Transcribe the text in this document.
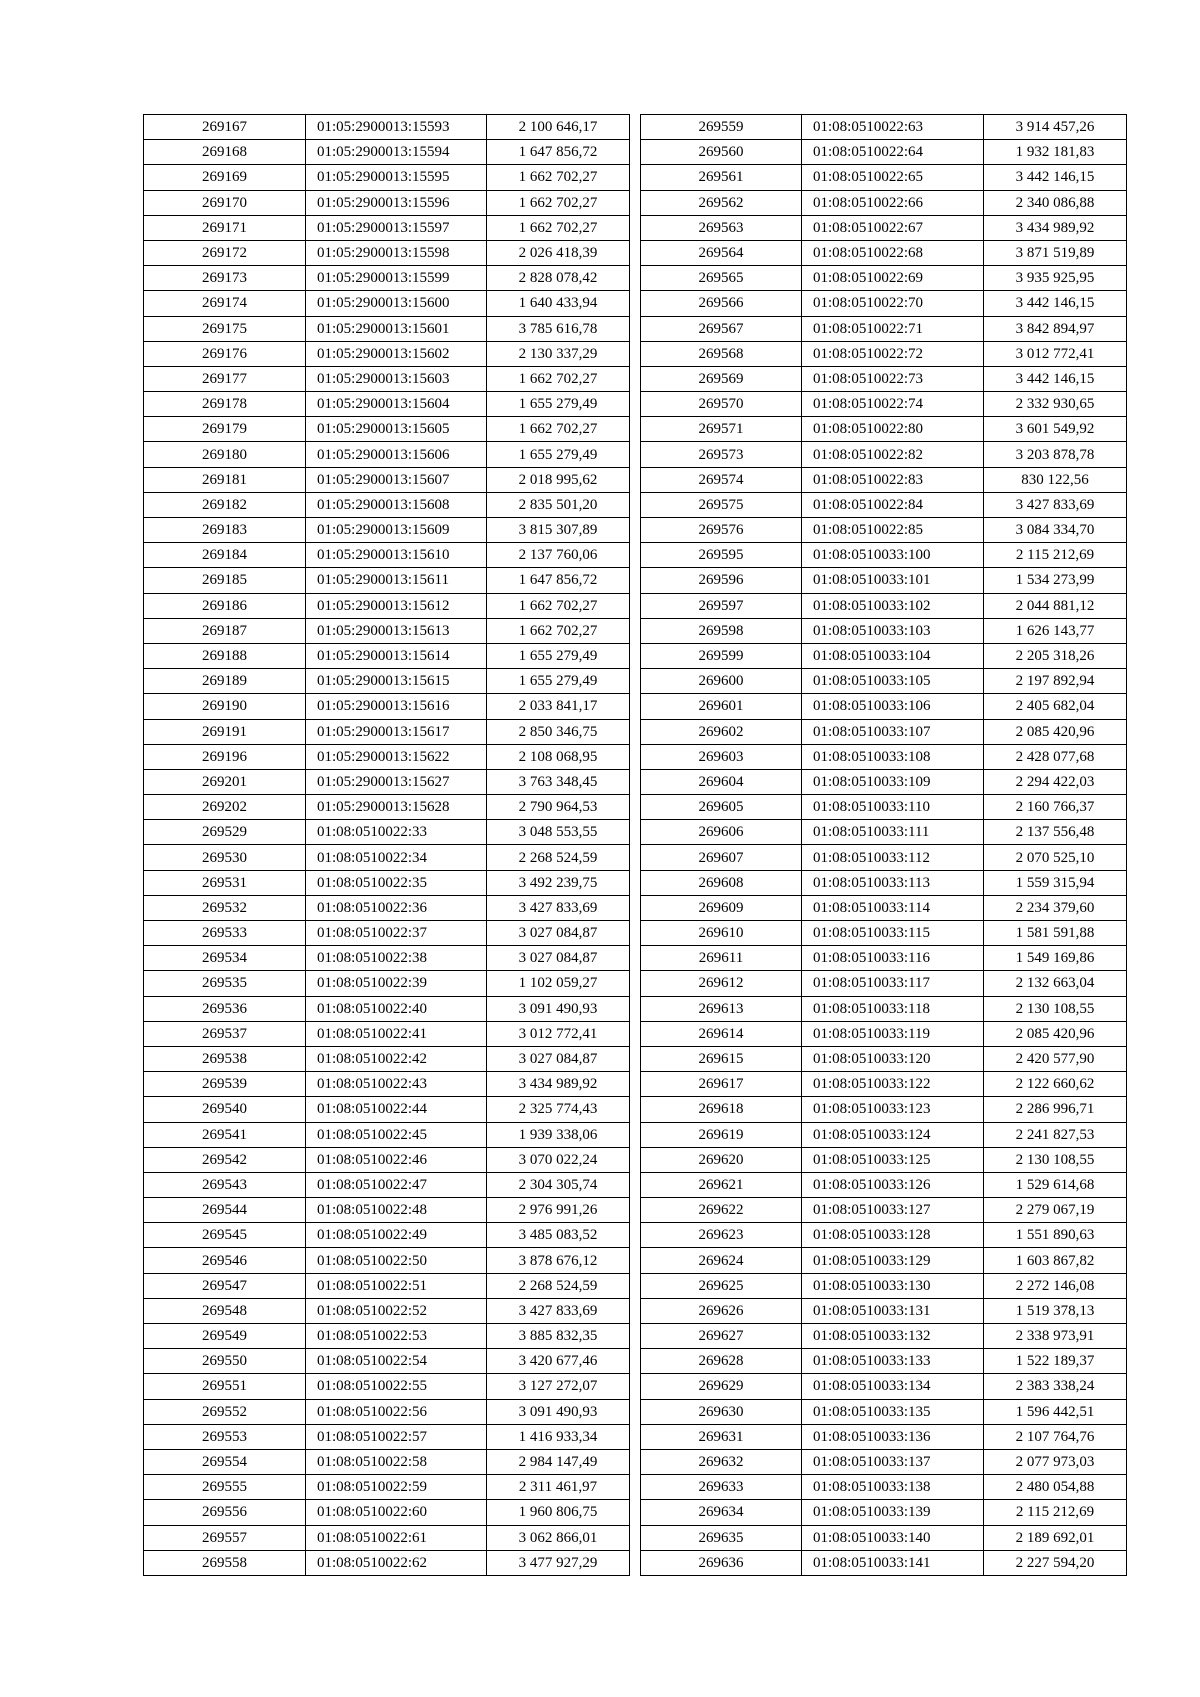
269167	01:05:2900013:15593	2 100 646,17
269168	01:05:2900013:15594	1 647 856,72
269169	01:05:2900013:15595	1 662 702,27
269170	01:05:2900013:15596	1 662 702,27
269171	01:05:2900013:15597	1 662 702,27
269172	01:05:2900013:15598	2 026 418,39
269173	01:05:2900013:15599	2 828 078,42
269174	01:05:2900013:15600	1 640 433,94
269175	01:05:2900013:15601	3 785 616,78
269176	01:05:2900013:15602	2 130 337,29
269177	01:05:2900013:15603	1 662 702,27
269178	01:05:2900013:15604	1 655 279,49
269179	01:05:2900013:15605	1 662 702,27
269180	01:05:2900013:15606	1 655 279,49
269181	01:05:2900013:15607	2 018 995,62
269182	01:05:2900013:15608	2 835 501,20
269183	01:05:2900013:15609	3 815 307,89
269184	01:05:2900013:15610	2 137 760,06
269185	01:05:2900013:15611	1 647 856,72
269186	01:05:2900013:15612	1 662 702,27
269187	01:05:2900013:15613	1 662 702,27
269188	01:05:2900013:15614	1 655 279,49
269189	01:05:2900013:15615	1 655 279,49
269190	01:05:2900013:15616	2 033 841,17
269191	01:05:2900013:15617	2 850 346,75
269196	01:05:2900013:15622	2 108 068,95
269201	01:05:2900013:15627	3 763 348,45
269202	01:05:2900013:15628	2 790 964,53
269529	01:08:0510022:33	3 048 553,55
269530	01:08:0510022:34	2 268 524,59
269531	01:08:0510022:35	3 492 239,75
269532	01:08:0510022:36	3 427 833,69
269533	01:08:0510022:37	3 027 084,87
269534	01:08:0510022:38	3 027 084,87
269535	01:08:0510022:39	1 102 059,27
269536	01:08:0510022:40	3 091 490,93
269537	01:08:0510022:41	3 012 772,41
269538	01:08:0510022:42	3 027 084,87
269539	01:08:0510022:43	3 434 989,92
269540	01:08:0510022:44	2 325 774,43
269541	01:08:0510022:45	1 939 338,06
269542	01:08:0510022:46	3 070 022,24
269543	01:08:0510022:47	2 304 305,74
269544	01:08:0510022:48	2 976 991,26
269545	01:08:0510022:49	3 485 083,52
269546	01:08:0510022:50	3 878 676,12
269547	01:08:0510022:51	2 268 524,59
269548	01:08:0510022:52	3 427 833,69
269549	01:08:0510022:53	3 885 832,35
269550	01:08:0510022:54	3 420 677,46
269551	01:08:0510022:55	3 127 272,07
269552	01:08:0510022:56	3 091 490,93
269553	01:08:0510022:57	1 416 933,34
269554	01:08:0510022:58	2 984 147,49
269555	01:08:0510022:59	2 311 461,97
269556	01:08:0510022:60	1 960 806,75
269557	01:08:0510022:61	3 062 866,01
269558	01:08:0510022:62	3 477 927,29
269559	01:08:0510022:63	3 914 457,26
269560	01:08:0510022:64	1 932 181,83
269561	01:08:0510022:65	3 442 146,15
269562	01:08:0510022:66	2 340 086,88
269563	01:08:0510022:67	3 434 989,92
269564	01:08:0510022:68	3 871 519,89
269565	01:08:0510022:69	3 935 925,95
269566	01:08:0510022:70	3 442 146,15
269567	01:08:0510022:71	3 842 894,97
269568	01:08:0510022:72	3 012 772,41
269569	01:08:0510022:73	3 442 146,15
269570	01:08:0510022:74	2 332 930,65
269571	01:08:0510022:80	3 601 549,92
269573	01:08:0510022:82	3 203 878,78
269574	01:08:0510022:83	830 122,56
269575	01:08:0510022:84	3 427 833,69
269576	01:08:0510022:85	3 084 334,70
269595	01:08:0510033:100	2 115 212,69
269596	01:08:0510033:101	1 534 273,99
269597	01:08:0510033:102	2 044 881,12
269598	01:08:0510033:103	1 626 143,77
269599	01:08:0510033:104	2 205 318,26
269600	01:08:0510033:105	2 197 892,94
269601	01:08:0510033:106	2 405 682,04
269602	01:08:0510033:107	2 085 420,96
269603	01:08:0510033:108	2 428 077,68
269604	01:08:0510033:109	2 294 422,03
269605	01:08:0510033:110	2 160 766,37
269606	01:08:0510033:111	2 137 556,48
269607	01:08:0510033:112	2 070 525,10
269608	01:08:0510033:113	1 559 315,94
269609	01:08:0510033:114	2 234 379,60
269610	01:08:0510033:115	1 581 591,88
269611	01:08:0510033:116	1 549 169,86
269612	01:08:0510033:117	2 132 663,04
269613	01:08:0510033:118	2 130 108,55
269614	01:08:0510033:119	2 085 420,96
269615	01:08:0510033:120	2 420 577,90
269617	01:08:0510033:122	2 122 660,62
269618	01:08:0510033:123	2 286 996,71
269619	01:08:0510033:124	2 241 827,53
269620	01:08:0510033:125	2 130 108,55
269621	01:08:0510033:126	1 529 614,68
269622	01:08:0510033:127	2 279 067,19
269623	01:08:0510033:128	1 551 890,63
269624	01:08:0510033:129	1 603 867,82
269625	01:08:0510033:130	2 272 146,08
269626	01:08:0510033:131	1 519 378,13
269627	01:08:0510033:132	2 338 973,91
269628	01:08:0510033:133	1 522 189,37
269629	01:08:0510033:134	2 383 338,24
269630	01:08:0510033:135	1 596 442,51
269631	01:08:0510033:136	2 107 764,76
269632	01:08:0510033:137	2 077 973,03
269633	01:08:0510033:138	2 480 054,88
269634	01:08:0510033:139	2 115 212,69
269635	01:08:0510033:140	2 189 692,01
269636	01:08:0510033:141	2 227 594,20
